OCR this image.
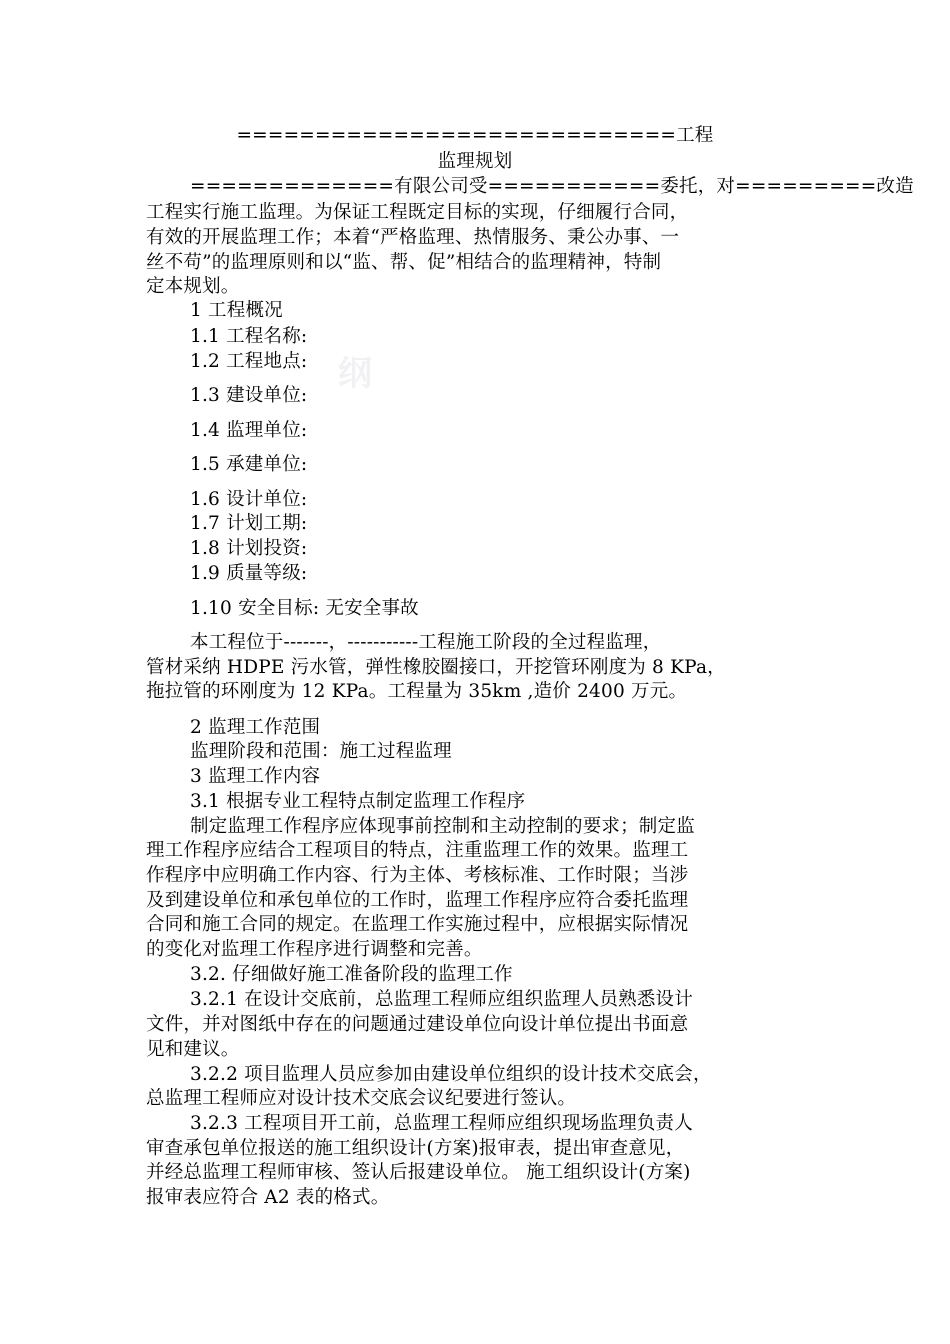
纲
============================工程
监理规划
=============有限公司受===========委托，对=========改造
工程实行施工监理。为保证工程既定目标的实现，仔细履行合同，
有效的开展监理工作；本着“严格监理、热情服务、秉公办事、一
丝不苟”的监理原则和以“监、帮、促”相结合的监理精神，特制
定本规划。
1 工程概况
1.1 工程名称:
1.2 工程地点:
1.3 建设单位:
1.4 监理单位:
1.5 承建单位:
1.6 设计单位:
1.7 计划工期:
1.8 计划投资:
1.9 质量等级:
1.10 安全目标: 无安全事故
本工程位于-------，-----------工程施工阶段的全过程监理，
管材采纳 HDPE 污水管，弹性橡胶圈接口，开挖管环刚度为 8 KPa，
拖拉管的环刚度为 12 KPa。工程量为 35km ,造价 2400 万元。
2 监理工作范围
监理阶段和范围：施工过程监理
3 监理工作内容
3.1 根据专业工程特点制定监理工作程序
制定监理工作程序应体现事前控制和主动控制的要求；制定监
理工作程序应结合工程项目的特点，注重监理工作的效果。监理工
作程序中应明确工作内容、行为主体、考核标准、工作时限；当涉
及到建设单位和承包单位的工作时，监理工作程序应符合委托监理
合同和施工合同的规定。在监理工作实施过程中，应根据实际情况
的变化对监理工作程序进行调整和完善。
3.2. 仔细做好施工准备阶段的监理工作
3.2.1 在设计交底前，总监理工程师应组织监理人员熟悉设计
文件，并对图纸中存在的问题通过建设单位向设计单位提出书面意
见和建议。
3.2.2 项目监理人员应参加由建设单位组织的设计技术交底会，
总监理工程师应对设计技术交底会议纪要进行签认。
3.2.3 工程项目开工前，总监理工程师应组织现场监理负责人
审查承包单位报送的施工组织设计(方案)报审表，提出审查意见，
并经总监理工程师审核、签认后报建设单位。 施工组织设计(方案)
报审表应符合 A2 表的格式。
